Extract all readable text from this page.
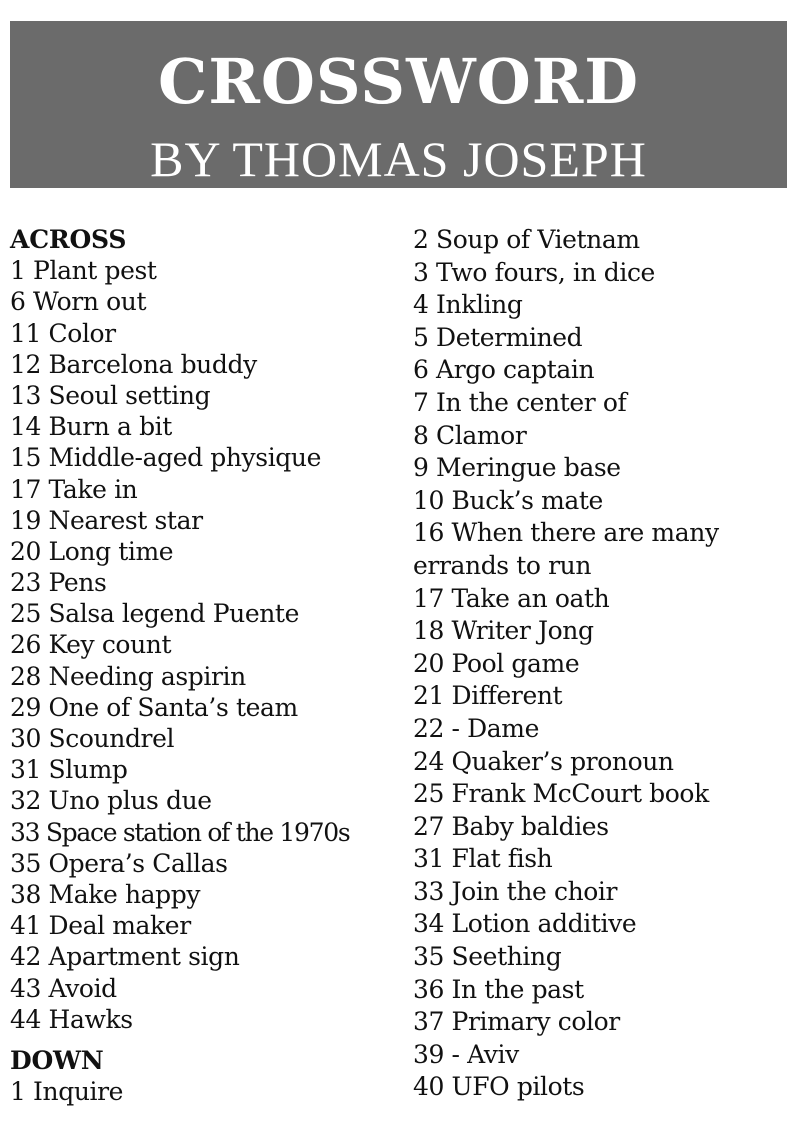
CROSSWORD
BY THOMAS JOSEPH
ACROSS
1 Plant pest
6 Worn out
11 Color
12 Barcelona buddy
13 Seoul setting
14 Burn a bit
15 Middle-aged physique
17 Take in
19 Nearest star
20 Long time
23 Pens
25 Salsa legend Puente
26 Key count
28 Needing aspirin
29 One of Santa’s team
30 Scoundrel
31 Slump
32 Uno plus due
33 Space station of the 1970s
35 Opera’s Callas
38 Make happy
41 Deal maker
42 Apartment sign
43 Avoid
44 Hawks
DOWN
1 Inquire
2 Soup of Vietnam
3 Two fours, in dice
4 Inkling
5 Determined
6 Argo captain
7 In the center of
8 Clamor
9 Meringue base
10 Buck’s mate
16 When there are many
errands to run
17 Take an oath
18 Writer Jong
20 Pool game
21 Different
22 - Dame
24 Quaker’s pronoun
25 Frank McCourt book
27 Baby baldies
31 Flat fish
33 Join the choir
34 Lotion additive
35 Seething
36 In the past
37 Primary color
39 - Aviv
40 UFO pilots
